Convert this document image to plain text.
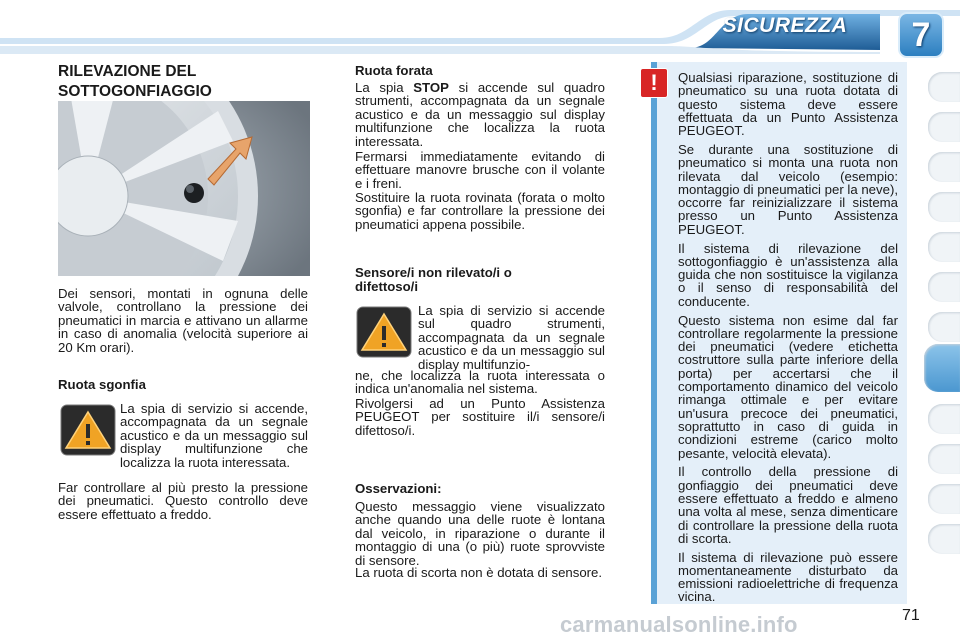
SICUREZZA	7
RILEVAZIONE DEL SOTTOGONFIAGGIO
Dei sensori, montati in ognuna delle valvole, controllano la pressione dei pneumatici in marcia e attivano un allarme in caso di anomalia (velocità superiore ai 20 Km orari).
Ruota sgonfia
La spia di servizio si accende, accompagnata da un segnale acustico e da un messaggio sul display multifunzione che localizza la ruota interessata.
Far controllare al più presto la pressione dei pneumatici. Questo controllo deve essere effettuato a freddo.
Ruota forata
La spia STOP si accende sul quadro strumenti, accompagnata da un segnale acustico e da un messaggio sul display multifunzione che localizza la ruota interessata.
Fermarsi immediatamente evitando di effettuare manovre brusche con il volante e i freni.
Sostituire la ruota rovinata (forata o molto sgonfia) e far controllare la pressione dei pneumatici appena possibile.
Sensore/i non rilevato/i o difettoso/i
La spia di servizio si accende sul quadro strumenti, accompagnata da un segnale acustico e da un messaggio sul display multifunzio-
ne, che localizza la ruota interessata o indica un'anomalia nel sistema.
Rivolgersi ad un Punto Assistenza PEUGEOT per sostituire il/i sensore/i difettoso/i.
Osservazioni:
Questo messaggio viene visualizzato anche quando una delle ruote è lontana dal veicolo, in riparazione o durante il montaggio di una (o più) ruote sprovviste di sensore.
La ruota di scorta non è dotata di sensore.
!	Qualsiasi riparazione, sostituzione di pneumatico su una ruota dotata di questo sistema deve essere effettuata da un Punto Assistenza PEUGEOT.

Se durante una sostituzione di pneumatico si monta una ruota non rilevata dal veicolo (esempio: montaggio di pneumatici per la neve), occorre far reinizializzare il sistema presso un Punto Assistenza PEUGEOT.

Il sistema di rilevazione del sottogonfiaggio è un'assistenza alla guida che non sostituisce la vigilanza o il senso di responsabilità del conducente.

Questo sistema non esime dal far controllare regolarmente la pressione dei pneumatici (vedere etichetta costruttore sulla parte inferiore della porta) per accertarsi che il comportamento dinamico del veicolo rimanga ottimale e per evitare un'usura precoce dei pneumatici, soprattutto in caso di guida in condizioni estreme (carico molto pesante, velocità elevata).

Il controllo della pressione di gonfiaggio dei pneumatici deve essere effettuato a freddo e almeno una volta al mese, senza dimenticare di controllare la pressione della ruota di scorta.

Il sistema di rilevazione può essere momentaneamente disturbato da emissioni radioelettriche di frequenza vicina.

carmanualsonline.info	71
